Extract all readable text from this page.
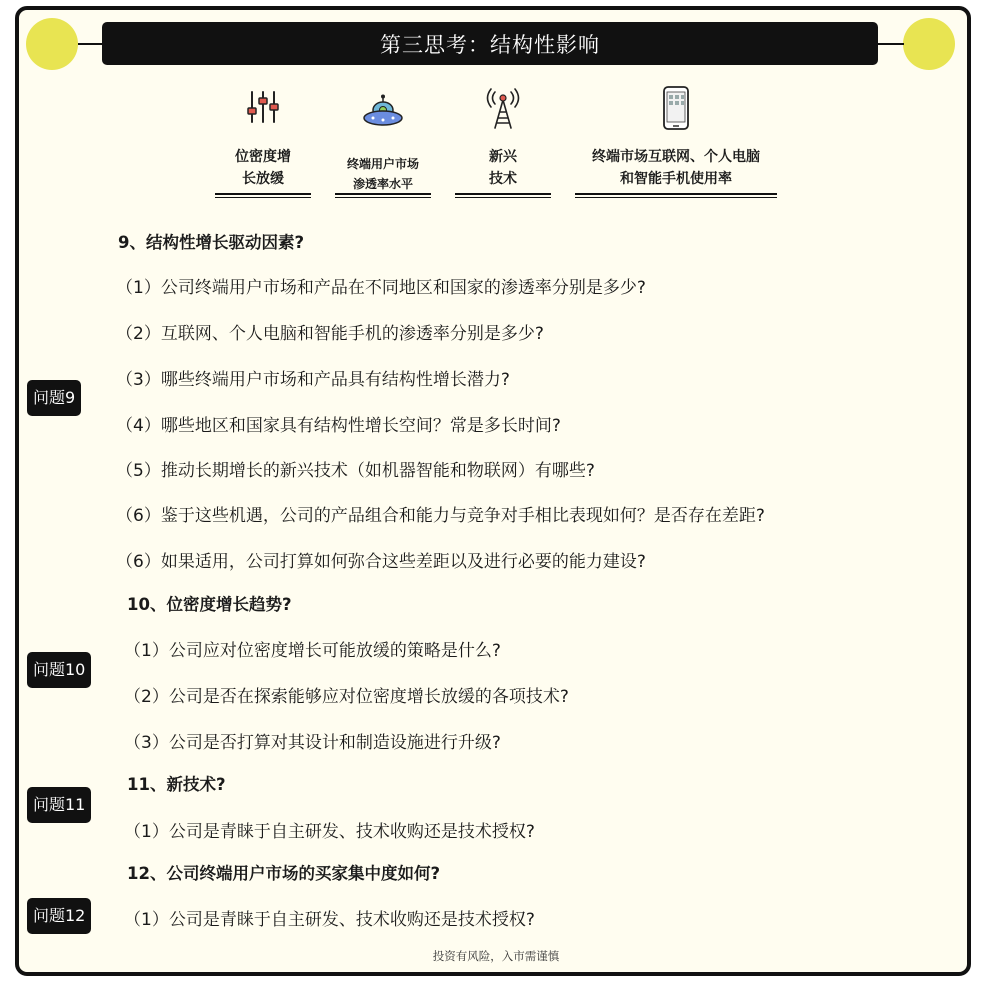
第三思考：结构性影响
位密度增
长放缓
终端用户市场
渗透率水平
新兴
技术
终端市场互联网、个人电脑
和智能手机使用率
9、结构性增长驱动因素?
（1）公司终端用户市场和产品在不同地区和国家的渗透率分别是多少?
（2）互联网、个人电脑和智能手机的渗透率分别是多少?
（3）哪些终端用户市场和产品具有结构性增长潜力?
（4）哪些地区和国家具有结构性增长空间？常是多长时间?
（5）推动长期增长的新兴技术（如机器智能和物联网）有哪些?
（6）鉴于这些机遇，公司的产品组合和能力与竞争对手相比表现如何？是否存在差距?
（6）如果适用，公司打算如何弥合这些差距以及进行必要的能力建设?
问题9
10、位密度增长趋势?
（1）公司应对位密度增长可能放缓的策略是什么?
（2）公司是否在探索能够应对位密度增长放缓的各项技术?
（3）公司是否打算对其设计和制造设施进行升级?
问题10
11、新技术?
（1）公司是青睐于自主研发、技术收购还是技术授权?
问题11
12、公司终端用户市场的买家集中度如何?
（1）公司是青睐于自主研发、技术收购还是技术授权?
问题12
投资有风险，入市需谨慎
